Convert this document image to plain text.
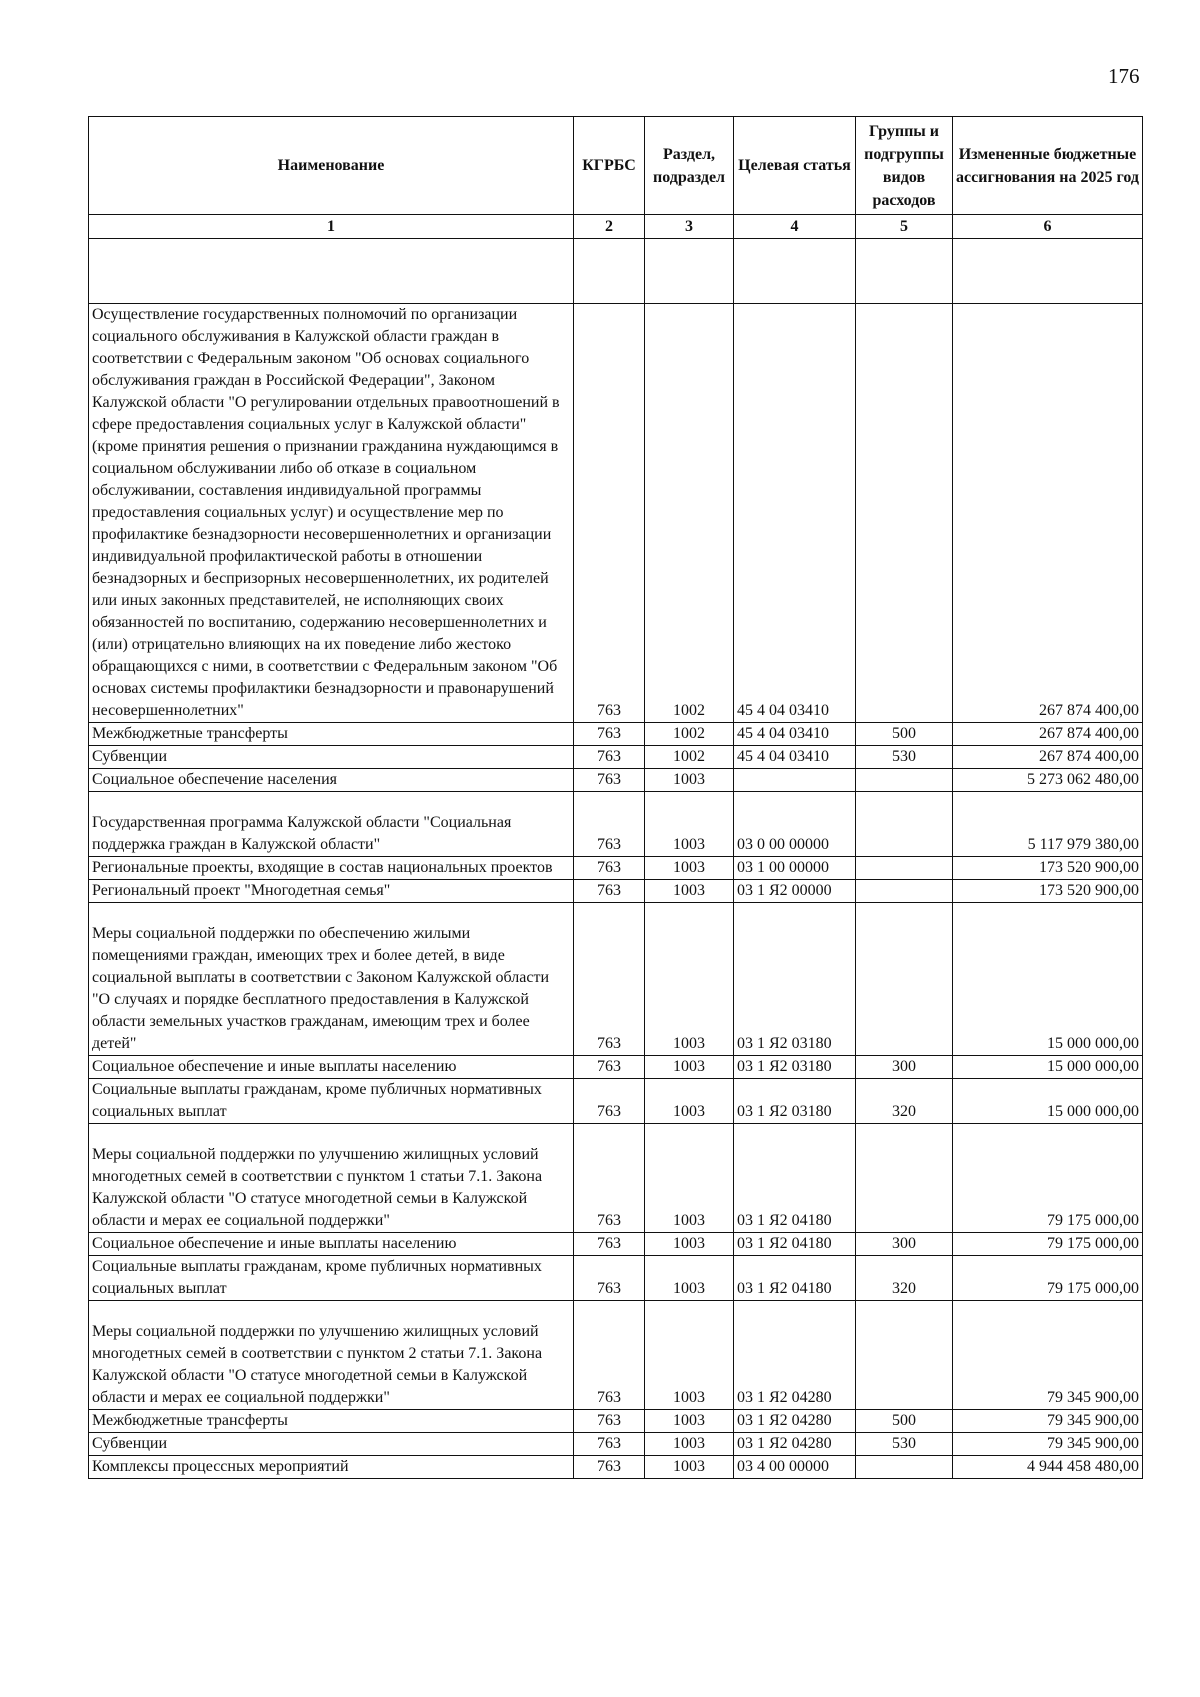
176
Наименование	КГРБС	Раздел, подраздел	Целевая статья	Группы и подгруппы видов расходов	Измененные бюджетные ассигнования на 2025 год
1	2	3	4	5	6

Осуществление государственных полномочий по организации социального обслуживания в Калужской области граждан в соответствии с Федеральным законом "Об основах социального обслуживания граждан в Российской Федерации", Законом Калужской области "О регулировании отдельных правоотношений в сфере предоставления социальных услуг в Калужской области" (кроме принятия решения о признании гражданина нуждающимся в социальном обслуживании либо об отказе в социальном обслуживании, составления индивидуальной программы предоставления социальных услуг) и осуществление мер по профилактике безнадзорности несовершеннолетних и организации индивидуальной профилактической работы в отношении безнадзорных и беспризорных несовершеннолетних, их родителей или иных законных представителей, не исполняющих своих обязанностей по воспитанию, содержанию несовершеннолетних и (или) отрицательно влияющих на их поведение либо жестоко обращающихся с ними, в соответствии с Федеральным законом "Об основах системы профилактики безнадзорности и правонарушений несовершеннолетних"	763	1002	45 4 04 03410		267 874 400,00
Межбюджетные трансферты	763	1002	45 4 04 03410	500	267 874 400,00
Субвенции	763	1002	45 4 04 03410	530	267 874 400,00
Социальное обеспечение населения	763	1003			5 273 062 480,00
Государственная программа Калужской области "Социальная поддержка граждан в Калужской области"	763	1003	03 0 00 00000		5 117 979 380,00
Региональные проекты, входящие в состав национальных проектов	763	1003	03 1 00 00000		173 520 900,00
Региональный проект "Многодетная семья"	763	1003	03 1 Я2 00000		173 520 900,00
Меры социальной поддержки по обеспечению жилыми помещениями граждан, имеющих трех и более детей, в виде социальной выплаты в соответствии с Законом Калужской области "О случаях и порядке бесплатного предоставления в Калужской области земельных участков гражданам, имеющим трех и более детей"	763	1003	03 1 Я2 03180		15 000 000,00
Социальное обеспечение и иные выплаты населению	763	1003	03 1 Я2 03180	300	15 000 000,00
Социальные выплаты гражданам, кроме публичных нормативных социальных выплат	763	1003	03 1 Я2 03180	320	15 000 000,00
Меры социальной поддержки по улучшению жилищных условий многодетных семей в соответствии с пунктом 1 статьи 7.1. Закона Калужской области "О статусе многодетной семьи в Калужской области и мерах ее социальной поддержки"	763	1003	03 1 Я2 04180		79 175 000,00
Социальное обеспечение и иные выплаты населению	763	1003	03 1 Я2 04180	300	79 175 000,00
Социальные выплаты гражданам, кроме публичных нормативных социальных выплат	763	1003	03 1 Я2 04180	320	79 175 000,00
Меры социальной поддержки по улучшению жилищных условий многодетных семей в соответствии с пунктом 2 статьи 7.1. Закона Калужской области "О статусе многодетной семьи в Калужской области и мерах ее социальной поддержки"	763	1003	03 1 Я2 04280		79 345 900,00
Межбюджетные трансферты	763	1003	03 1 Я2 04280	500	79 345 900,00
Субвенции	763	1003	03 1 Я2 04280	530	79 345 900,00
Комплексы процессных мероприятий	763	1003	03 4 00 00000		4 944 458 480,00
